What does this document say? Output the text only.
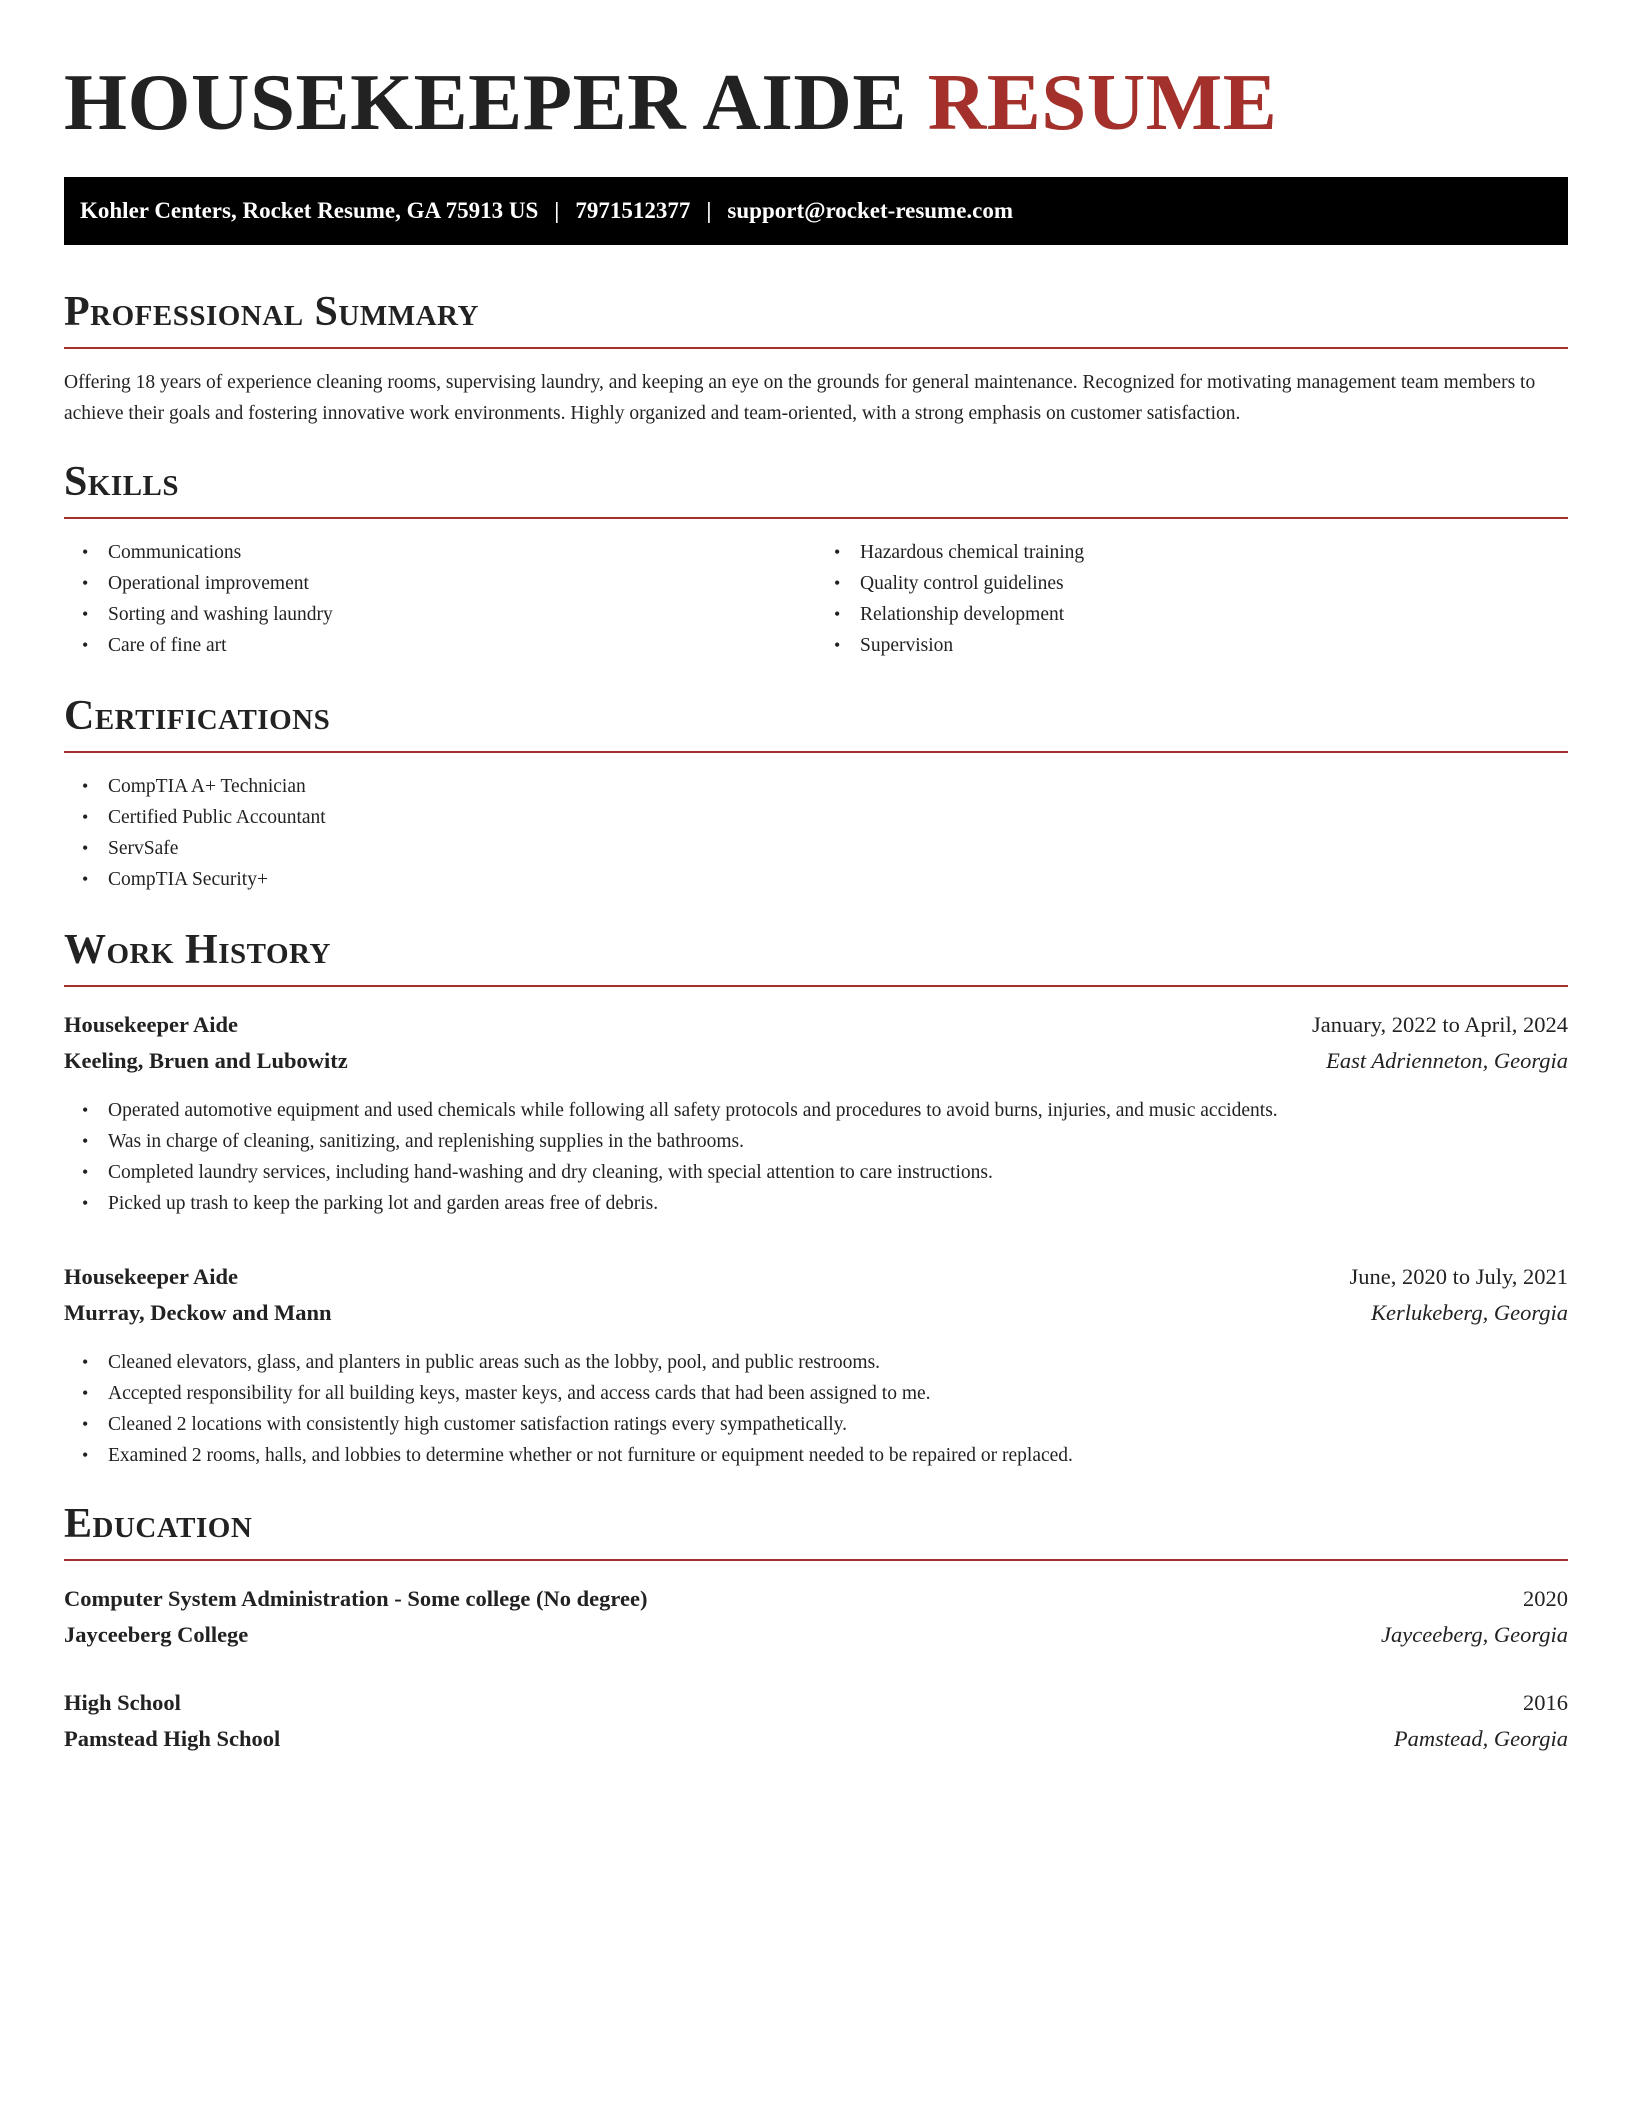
HOUSEKEEPER AIDE RESUME
Kohler Centers, Rocket Resume, GA 75913 US | 7971512377 | support@rocket-resume.com
Professional Summary

Offering 18 years of experience cleaning rooms, supervising laundry, and keeping an eye on the grounds for general maintenance. Recognized for motivating management team members to achieve their goals and fostering innovative work environments. Highly organized and team-oriented, with a strong emphasis on customer satisfaction.

Skills
• Communications
• Operational improvement
• Sorting and washing laundry
• Care of fine art
• Hazardous chemical training
• Quality control guidelines
• Relationship development
• Supervision
Certifications
• CompTIA A+ Technician
• Certified Public Accountant
• ServSafe
• CompTIA Security+
Work History
Housekeeper Aide	January, 2022 to April, 2024
Keeling, Bruen and Lubowitz	East Adrienneton, Georgia
• Operated automotive equipment and used chemicals while following all safety protocols and procedures to avoid burns, injuries, and music accidents.
• Was in charge of cleaning, sanitizing, and replenishing supplies in the bathrooms.
• Completed laundry services, including hand-washing and dry cleaning, with special attention to care instructions.
• Picked up trash to keep the parking lot and garden areas free of debris.
Housekeeper Aide	June, 2020 to July, 2021
Murray, Deckow and Mann	Kerlukeberg, Georgia
• Cleaned elevators, glass, and planters in public areas such as the lobby, pool, and public restrooms.
• Accepted responsibility for all building keys, master keys, and access cards that had been assigned to me.
• Cleaned 2 locations with consistently high customer satisfaction ratings every sympathetically.
• Examined 2 rooms, halls, and lobbies to determine whether or not furniture or equipment needed to be repaired or replaced.
Education
Computer System Administration - Some college (No degree)	2020
Jayceeberg College	Jayceeberg, Georgia
High School	2016
Pamstead High School	Pamstead, Georgia
